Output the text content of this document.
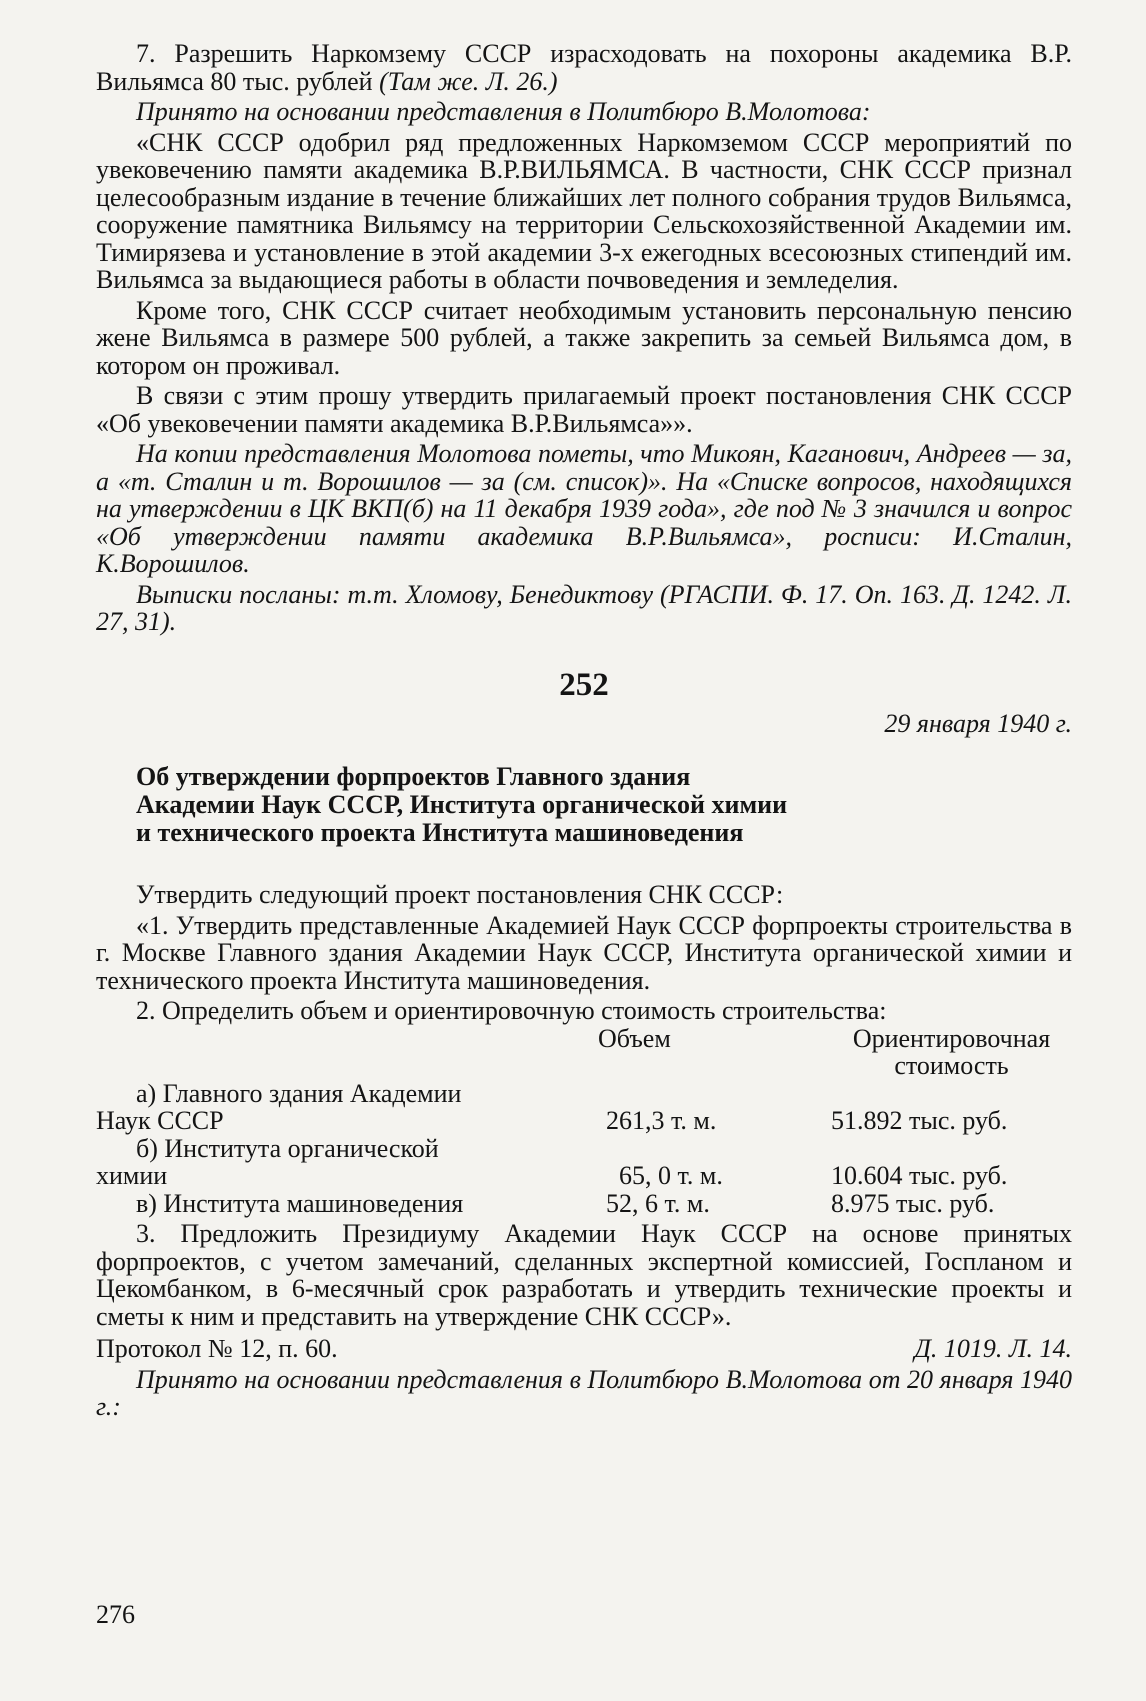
7. Разрешить Наркомзему СССР израсходовать на похороны академика В.Р. Вильямса 80 тыс. рублей (Там же. Л. 26.)

Принято на основании представления в Политбюро В.Молотова:

«СНК СССР одобрил ряд предложенных Наркомземом СССР мероприятий по увековечению памяти академика В.Р.ВИЛЬЯМСА. В частности, СНК СССР признал целесообразным издание в течение ближайших лет полного собрания трудов Вильямса, сооружение памятника Вильямсу на территории Сельскохозяйственной Академии им. Тимирязева и установление в этой академии 3-х ежегодных всесоюзных стипендий им. Вильямса за выдающиеся работы в области почвоведения и земледелия.

Кроме того, СНК СССР считает необходимым установить персональную пенсию жене Вильямса в размере 500 рублей, а также закрепить за семьей Вильямса дом, в котором он проживал.

В связи с этим прошу утвердить прилагаемый проект постановления СНК СССР «Об увековечении памяти академика В.Р.Вильямса»».

На копии представления Молотова пометы, что Микоян, Каганович, Андреев — за, а «т. Сталин и т. Ворошилов — за (см. список)». На «Списке вопросов, находящихся на утверждении в ЦК ВКП(б) на 11 декабря 1939 года», где под № 3 значился и вопрос «Об утверждении памяти академика В.Р.Вильямса», росписи: И.Сталин, К.Ворошилов.

Выписки посланы: т.т. Хломову, Бенедиктову (РГАСПИ. Ф. 17. Оп. 163. Д. 1242. Л. 27, 31).

252
29 января 1940 г.
Об утверждении форпроектов Главного здания
Академии Наук СССР, Института органической химии
и технического проекта Института машиноведения

Утвердить следующий проект постановления СНК СССР:

«1. Утвердить представленные Академией Наук СССР форпроекты строительства в г. Москве Главного здания Академии Наук СССР, Института органической химии и технического проекта Института машиноведения.

2. Определить объем и ориентировочную стоимость строительства:

	Объем	Ориентировочная
стоимость

а) Главного здания Академии		
Наук СССР	261,3 т. м.	51.892 тыс. руб.
б) Института органической		
химии	65, 0 т. м.	10.604 тыс. руб.
в) Института машиноведения	52, 6 т. м.	8.975 тыс. руб.

3. Предложить Президиуму Академии Наук СССР на основе принятых форпроектов, с учетом замечаний, сделанных экспертной комиссией, Госпланом и Цекомбанком, в 6-месячный срок разработать и утвердить технические проекты и сметы к ним и представить на утверждение СНК СССР».

Протокол № 12, п. 60.	Д. 1019. Л. 14.

Принято на основании представления в Политбюро В.Молотова от 20 января 1940 г.:

276
